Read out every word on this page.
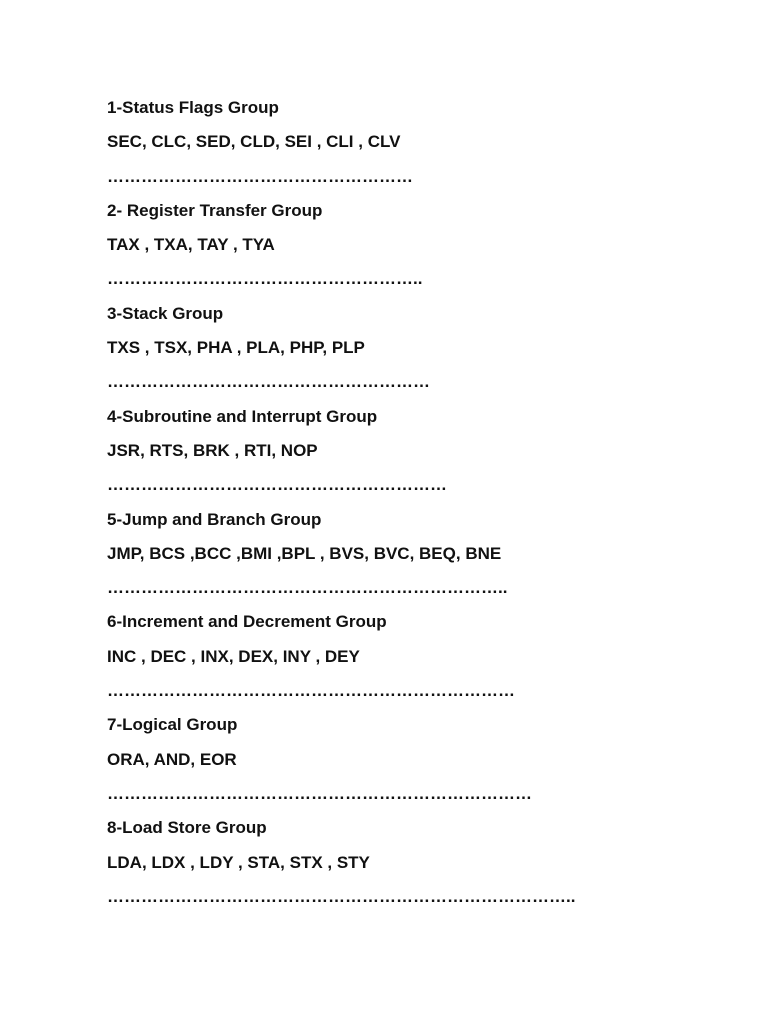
1-Status Flags Group

SEC, CLC, SED, CLD, SEI , CLI , CLV

………………………………………………

2- Register Transfer Group

TAX , TXA, TAY , TYA

………………………………………………..

3-Stack Group

TXS , TSX, PHA , PLA, PHP, PLP

…………………………………………………

4-Subroutine and Interrupt Group

JSR, RTS, BRK , RTI, NOP

……………………………………………………

5-Jump and Branch Group

JMP, BCS ,BCC ,BMI ,BPL , BVS, BVC, BEQ, BNE

……………………………………………………………..

6-Increment and Decrement Group

INC , DEC , INX, DEX, INY , DEY

………………………………………………………………

7-Logical Group

ORA, AND, EOR

…………………………………………………………………

8-Load Store Group

LDA, LDX , LDY , STA, STX , STY

………………………………………………………………………..
